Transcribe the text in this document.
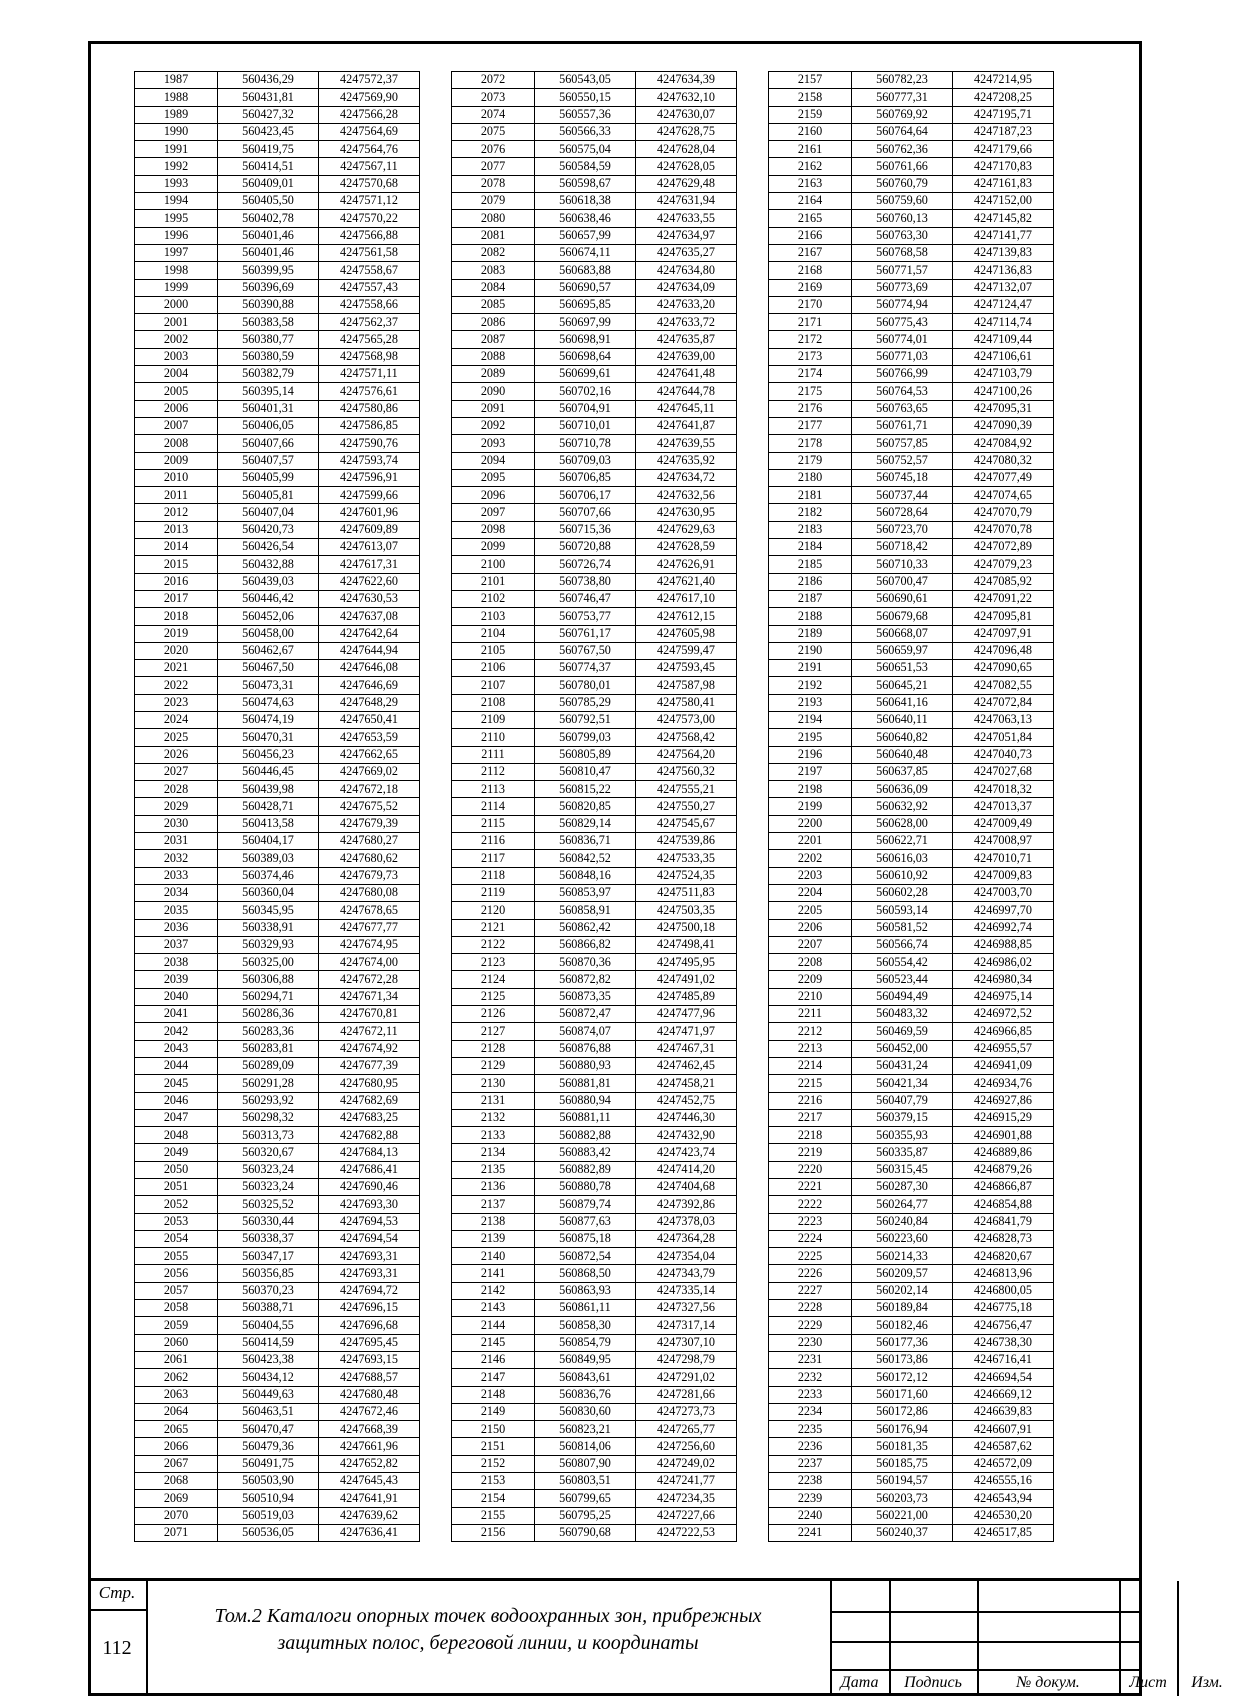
1987	560436,29	4247572,37
1988	560431,81	4247569,90
1989	560427,32	4247566,28
1990	560423,45	4247564,69
1991	560419,75	4247564,76
1992	560414,51	4247567,11
1993	560409,01	4247570,68
1994	560405,50	4247571,12
1995	560402,78	4247570,22
1996	560401,46	4247566,88
1997	560401,46	4247561,58
1998	560399,95	4247558,67
1999	560396,69	4247557,43
2000	560390,88	4247558,66
2001	560383,58	4247562,37
2002	560380,77	4247565,28
2003	560380,59	4247568,98
2004	560382,79	4247571,11
2005	560395,14	4247576,61
2006	560401,31	4247580,86
2007	560406,05	4247586,85
2008	560407,66	4247590,76
2009	560407,57	4247593,74
2010	560405,99	4247596,91
2011	560405,81	4247599,66
2012	560407,04	4247601,96
2013	560420,73	4247609,89
2014	560426,54	4247613,07
2015	560432,88	4247617,31
2016	560439,03	4247622,60
2017	560446,42	4247630,53
2018	560452,06	4247637,08
2019	560458,00	4247642,64
2020	560462,67	4247644,94
2021	560467,50	4247646,08
2022	560473,31	4247646,69
2023	560474,63	4247648,29
2024	560474,19	4247650,41
2025	560470,31	4247653,59
2026	560456,23	4247662,65
2027	560446,45	4247669,02
2028	560439,98	4247672,18
2029	560428,71	4247675,52
2030	560413,58	4247679,39
2031	560404,17	4247680,27
2032	560389,03	4247680,62
2033	560374,46	4247679,73
2034	560360,04	4247680,08
2035	560345,95	4247678,65
2036	560338,91	4247677,77
2037	560329,93	4247674,95
2038	560325,00	4247674,00
2039	560306,88	4247672,28
2040	560294,71	4247671,34
2041	560286,36	4247670,81
2042	560283,36	4247672,11
2043	560283,81	4247674,92
2044	560289,09	4247677,39
2045	560291,28	4247680,95
2046	560293,92	4247682,69
2047	560298,32	4247683,25
2048	560313,73	4247682,88
2049	560320,67	4247684,13
2050	560323,24	4247686,41
2051	560323,24	4247690,46
2052	560325,52	4247693,30
2053	560330,44	4247694,53
2054	560338,37	4247694,54
2055	560347,17	4247693,31
2056	560356,85	4247693,31
2057	560370,23	4247694,72
2058	560388,71	4247696,15
2059	560404,55	4247696,68
2060	560414,59	4247695,45
2061	560423,38	4247693,15
2062	560434,12	4247688,57
2063	560449,63	4247680,48
2064	560463,51	4247672,46
2065	560470,47	4247668,39
2066	560479,36	4247661,96
2067	560491,75	4247652,82
2068	560503,90	4247645,43
2069	560510,94	4247641,91
2070	560519,03	4247639,62
2071	560536,05	4247636,41
2072	560543,05	4247634,39
2073	560550,15	4247632,10
2074	560557,36	4247630,07
2075	560566,33	4247628,75
2076	560575,04	4247628,04
2077	560584,59	4247628,05
2078	560598,67	4247629,48
2079	560618,38	4247631,94
2080	560638,46	4247633,55
2081	560657,99	4247634,97
2082	560674,11	4247635,27
2083	560683,88	4247634,80
2084	560690,57	4247634,09
2085	560695,85	4247633,20
2086	560697,99	4247633,72
2087	560698,91	4247635,87
2088	560698,64	4247639,00
2089	560699,61	4247641,48
2090	560702,16	4247644,78
2091	560704,91	4247645,11
2092	560710,01	4247641,87
2093	560710,78	4247639,55
2094	560709,03	4247635,92
2095	560706,85	4247634,72
2096	560706,17	4247632,56
2097	560707,66	4247630,95
2098	560715,36	4247629,63
2099	560720,88	4247628,59
2100	560726,74	4247626,91
2101	560738,80	4247621,40
2102	560746,47	4247617,10
2103	560753,77	4247612,15
2104	560761,17	4247605,98
2105	560767,50	4247599,47
2106	560774,37	4247593,45
2107	560780,01	4247587,98
2108	560785,29	4247580,41
2109	560792,51	4247573,00
2110	560799,03	4247568,42
2111	560805,89	4247564,20
2112	560810,47	4247560,32
2113	560815,22	4247555,21
2114	560820,85	4247550,27
2115	560829,14	4247545,67
2116	560836,71	4247539,86
2117	560842,52	4247533,35
2118	560848,16	4247524,35
2119	560853,97	4247511,83
2120	560858,91	4247503,35
2121	560862,42	4247500,18
2122	560866,82	4247498,41
2123	560870,36	4247495,95
2124	560872,82	4247491,02
2125	560873,35	4247485,89
2126	560872,47	4247477,96
2127	560874,07	4247471,97
2128	560876,88	4247467,31
2129	560880,93	4247462,45
2130	560881,81	4247458,21
2131	560880,94	4247452,75
2132	560881,11	4247446,30
2133	560882,88	4247432,90
2134	560883,42	4247423,74
2135	560882,89	4247414,20
2136	560880,78	4247404,68
2137	560879,74	4247392,86
2138	560877,63	4247378,03
2139	560875,18	4247364,28
2140	560872,54	4247354,04
2141	560868,50	4247343,79
2142	560863,93	4247335,14
2143	560861,11	4247327,56
2144	560858,30	4247317,14
2145	560854,79	4247307,10
2146	560849,95	4247298,79
2147	560843,61	4247291,02
2148	560836,76	4247281,66
2149	560830,60	4247273,73
2150	560823,21	4247265,77
2151	560814,06	4247256,60
2152	560807,90	4247249,02
2153	560803,51	4247241,77
2154	560799,65	4247234,35
2155	560795,25	4247227,66
2156	560790,68	4247222,53
2157	560782,23	4247214,95
2158	560777,31	4247208,25
2159	560769,92	4247195,71
2160	560764,64	4247187,23
2161	560762,36	4247179,66
2162	560761,66	4247170,83
2163	560760,79	4247161,83
2164	560759,60	4247152,00
2165	560760,13	4247145,82
2166	560763,30	4247141,77
2167	560768,58	4247139,83
2168	560771,57	4247136,83
2169	560773,69	4247132,07
2170	560774,94	4247124,47
2171	560775,43	4247114,74
2172	560774,01	4247109,44
2173	560771,03	4247106,61
2174	560766,99	4247103,79
2175	560764,53	4247100,26
2176	560763,65	4247095,31
2177	560761,71	4247090,39
2178	560757,85	4247084,92
2179	560752,57	4247080,32
2180	560745,18	4247077,49
2181	560737,44	4247074,65
2182	560728,64	4247070,79
2183	560723,70	4247070,78
2184	560718,42	4247072,89
2185	560710,33	4247079,23
2186	560700,47	4247085,92
2187	560690,61	4247091,22
2188	560679,68	4247095,81
2189	560668,07	4247097,91
2190	560659,97	4247096,48
2191	560651,53	4247090,65
2192	560645,21	4247082,55
2193	560641,16	4247072,84
2194	560640,11	4247063,13
2195	560640,82	4247051,84
2196	560640,48	4247040,73
2197	560637,85	4247027,68
2198	560636,09	4247018,32
2199	560632,92	4247013,37
2200	560628,00	4247009,49
2201	560622,71	4247008,97
2202	560616,03	4247010,71
2203	560610,92	4247009,83
2204	560602,28	4247003,70
2205	560593,14	4246997,70
2206	560581,52	4246992,74
2207	560566,74	4246988,85
2208	560554,42	4246986,02
2209	560523,44	4246980,34
2210	560494,49	4246975,14
2211	560483,32	4246972,52
2212	560469,59	4246966,85
2213	560452,00	4246955,57
2214	560431,24	4246941,09
2215	560421,34	4246934,76
2216	560407,79	4246927,86
2217	560379,15	4246915,29
2218	560355,93	4246901,88
2219	560335,87	4246889,86
2220	560315,45	4246879,26
2221	560287,30	4246866,87
2222	560264,77	4246854,88
2223	560240,84	4246841,79
2224	560223,60	4246828,73
2225	560214,33	4246820,67
2226	560209,57	4246813,96
2227	560202,14	4246800,05
2228	560189,84	4246775,18
2229	560182,46	4246756,47
2230	560177,36	4246738,30
2231	560173,86	4246716,41
2232	560172,12	4246694,54
2233	560171,60	4246669,12
2234	560172,86	4246639,83
2235	560176,94	4246607,91
2236	560181,35	4246587,62
2237	560185,75	4246572,09
2238	560194,57	4246555,16
2239	560203,73	4246543,94
2240	560221,00	4246530,20
2241	560240,37	4246517,85
Стр.
112
Том.2 Каталоги опорных точек водоохранных зон, прибрежных
защитных полос, береговой линии, и координаты
Дата	Подпись	№ докум.	Лист	Изм.
